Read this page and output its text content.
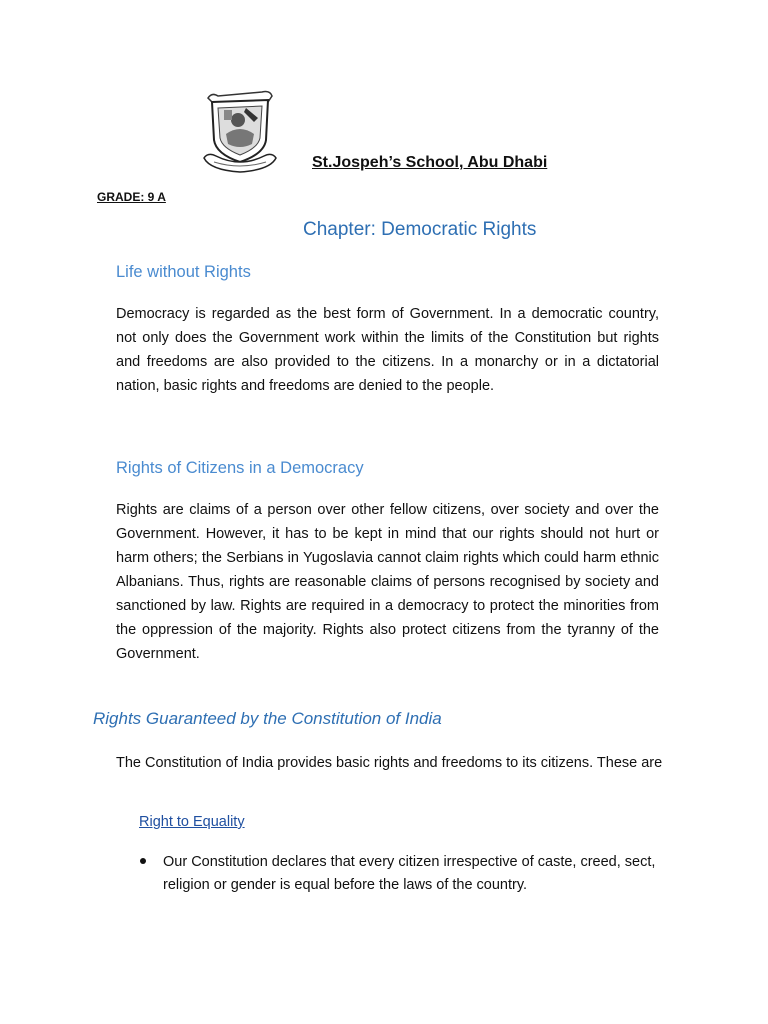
St.Jospeh’s School, Abu Dhabi
GRADE: 9 A
Chapter: Democratic Rights
Life without Rights

Democracy is regarded as the best form of Government. In a democratic country, not only does the Government work within the limits of the Constitution but rights and freedoms are also provided to the citizens. In a monarchy or in a dictatorial nation, basic rights and freedoms are denied to the people.

Rights of Citizens in a Democracy

Rights are claims of a person over other fellow citizens, over society and over the Government. However, it has to be kept in mind that our rights should not hurt or harm others; the Serbians in Yugoslavia cannot claim rights which could harm ethnic Albanians. Thus, rights are reasonable claims of persons recognised by society and sanctioned by law. Rights are required in a democracy to protect the minorities from the oppression of the majority. Rights also protect citizens from the tyranny of the Government.

Rights Guaranteed by the Constitution of India

The Constitution of India provides basic rights and freedoms to its citizens. These are

Right to Equality

Our Constitution declares that every citizen irrespective of caste, creed, sect, religion or gender is equal before the laws of the country.
